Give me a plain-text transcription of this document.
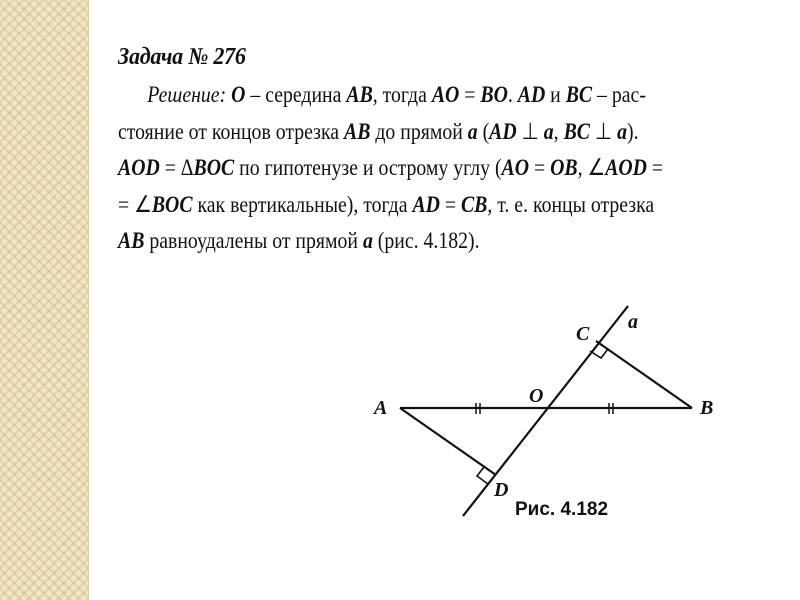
Задача № 276
Решение: O – середина AB, тогда AO = BO. AD и BC – рас-
стояние от концов отрезка AB до прямой a (AD ⊥ a, BC ⊥ a).
AOD = ΔBOC по гипотенузе и острому углу (AO = OB, ∠AOD =
= ∠BOC как вертикальные), тогда AD = CB, т. е. концы отрезка
AB равноудалены от прямой a (рис. 4.182).
A	B
C
D
O
a
Рис. 4.182
